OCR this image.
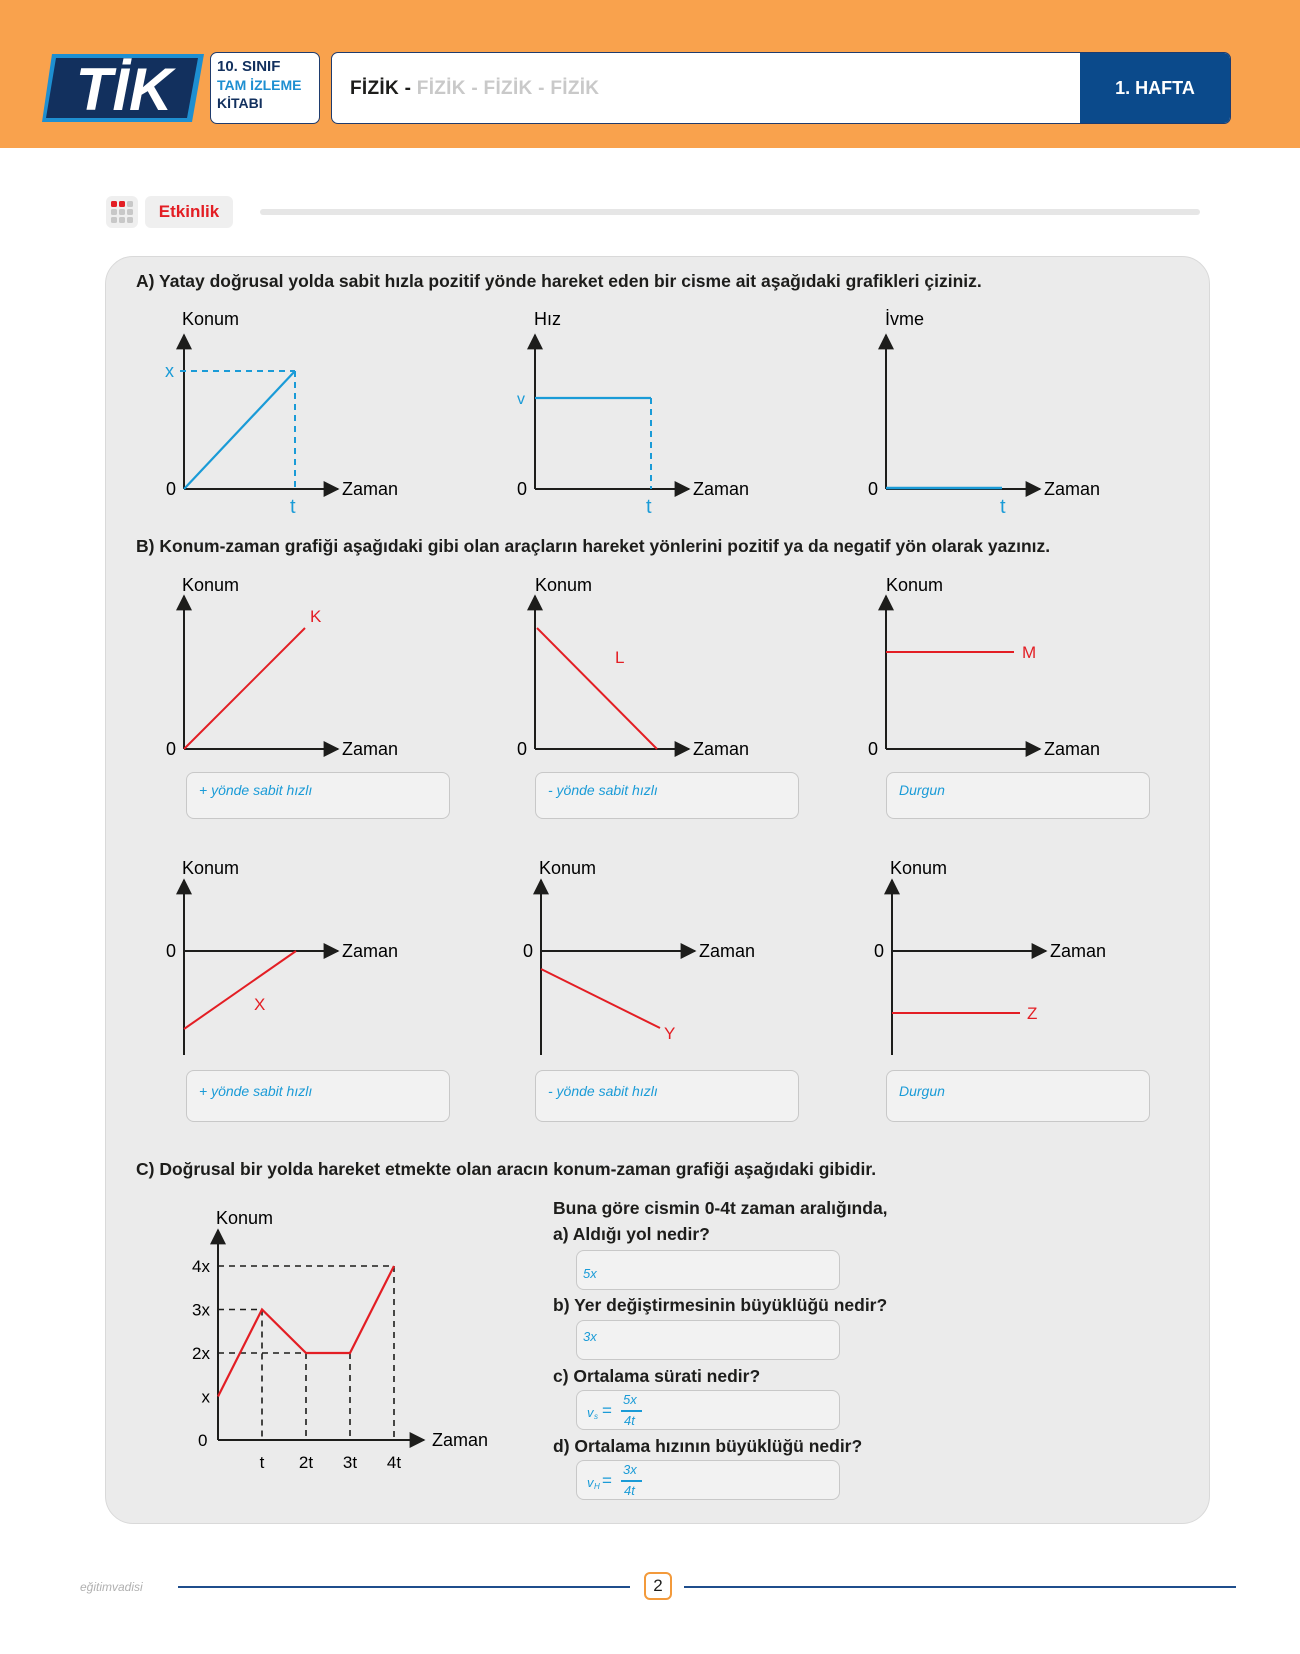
TİK	10. SINIF
TAM İZLEME
KİTABI
FİZİK - FİZİK - FİZİK - FİZİK	1. HAFTA
Etkinlik
A) Yatay doğrusal yolda sabit hızla pozitif yönde hareket eden bir cisme ait aşağıdaki grafikleri çiziniz.
Konum
Zaman
0
x
t
Hız
Zaman
0
v
t
İvme
Zaman
0
t
B) Konum-zaman grafiği aşağıdaki gibi olan araçların hareket yönlerini pozitif ya da negatif yön olarak yazınız.
Konum
Zaman
0
K
Konum
Zaman
0
L
Konum
Zaman
0
M
+ yönde sabit hızlı	- yönde sabit hızlı	Durgun
Konum
Zaman
0
X
Konum
Zaman
0
Y
Konum
Zaman
0
Z
+ yönde sabit hızlı	- yönde sabit hızlı	Durgun
C) Doğrusal bir yolda hareket etmekte olan aracın konum-zaman grafiği aşağıdaki gibidir.
x
2x
3x
4x
t 2t 3t 4t
Konum
Zaman
0
Buna göre cismin 0-4t zaman aralığında,
a) Aldığı yol nedir?
5x
b) Yer değiştirmesinin büyüklüğü nedir?
3x
c) Ortalama sürati nedir?
v s =
5x
4t
d) Ortalama hızının büyüklüğü nedir?
v H =
3x
4t
eğitimvadisi	2
